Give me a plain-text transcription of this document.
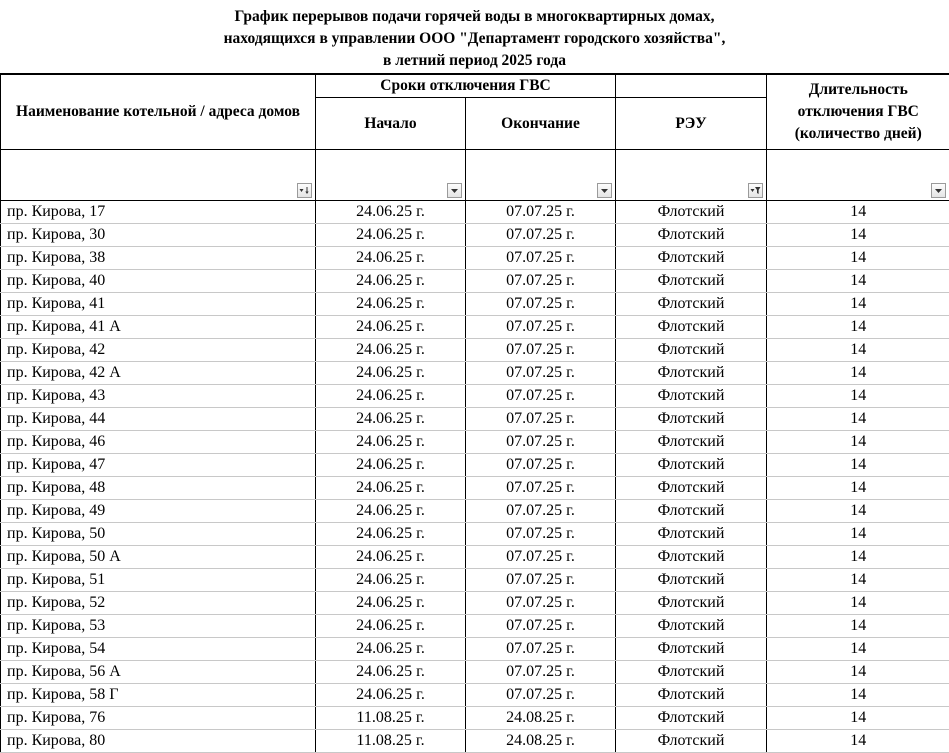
График перерывов подачи горячей воды в многоквартирных домах,
находящихся в управлении ООО "Департамент городского хозяйства",
в летний период 2025 года
Наименование котельной / адреса домов	Сроки отключения ГВС			Длительность отключения ГВС (количество дней)
	Начало	Окончание	РЭУ	

пр. Кирова, 17	24.06.25 г.	07.07.25 г.	Флотский	14
пр. Кирова, 30	24.06.25 г.	07.07.25 г.	Флотский	14
пр. Кирова, 38	24.06.25 г.	07.07.25 г.	Флотский	14
пр. Кирова, 40	24.06.25 г.	07.07.25 г.	Флотский	14
пр. Кирова, 41	24.06.25 г.	07.07.25 г.	Флотский	14
пр. Кирова, 41 А	24.06.25 г.	07.07.25 г.	Флотский	14
пр. Кирова, 42	24.06.25 г.	07.07.25 г.	Флотский	14
пр. Кирова, 42 А	24.06.25 г.	07.07.25 г.	Флотский	14
пр. Кирова, 43	24.06.25 г.	07.07.25 г.	Флотский	14
пр. Кирова, 44	24.06.25 г.	07.07.25 г.	Флотский	14
пр. Кирова, 46	24.06.25 г.	07.07.25 г.	Флотский	14
пр. Кирова, 47	24.06.25 г.	07.07.25 г.	Флотский	14
пр. Кирова, 48	24.06.25 г.	07.07.25 г.	Флотский	14
пр. Кирова, 49	24.06.25 г.	07.07.25 г.	Флотский	14
пр. Кирова, 50	24.06.25 г.	07.07.25 г.	Флотский	14
пр. Кирова, 50 А	24.06.25 г.	07.07.25 г.	Флотский	14
пр. Кирова, 51	24.06.25 г.	07.07.25 г.	Флотский	14
пр. Кирова, 52	24.06.25 г.	07.07.25 г.	Флотский	14
пр. Кирова, 53	24.06.25 г.	07.07.25 г.	Флотский	14
пр. Кирова, 54	24.06.25 г.	07.07.25 г.	Флотский	14
пр. Кирова, 56 А	24.06.25 г.	07.07.25 г.	Флотский	14
пр. Кирова, 58 Г	24.06.25 г.	07.07.25 г.	Флотский	14
пр. Кирова, 76	11.08.25 г.	24.08.25 г.	Флотский	14
пр. Кирова, 80	11.08.25 г.	24.08.25 г.	Флотский	14
